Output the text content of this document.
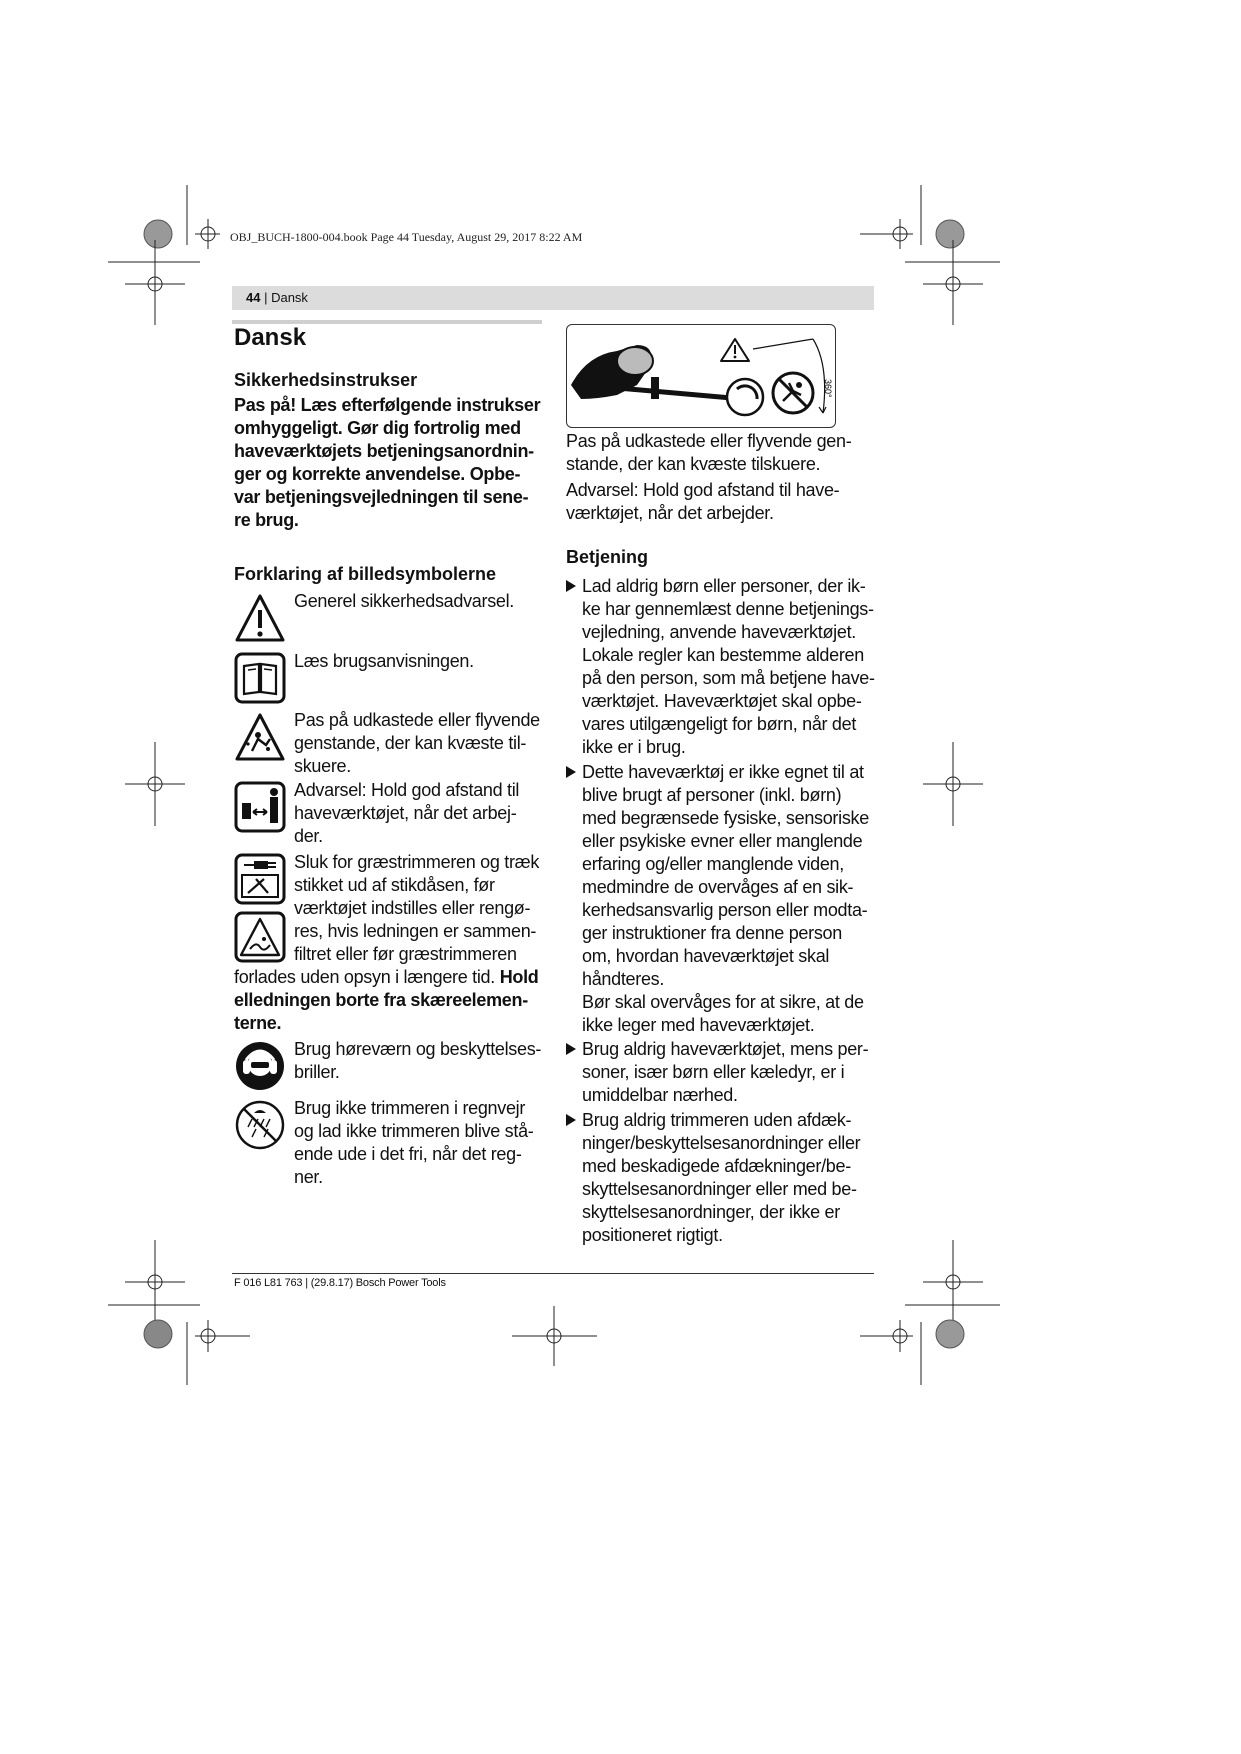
OBJ_BUCH-1800-004.book Page 44 Tuesday, August 29, 2017 8:22 AM
44 | Dansk
Dansk
Sikkerhedsinstrukser
Pas på! Læs efterfølgende instrukser
omhyggeligt. Gør dig fortrolig med
haveværktøjets betjeningsanordnin-
ger og korrekte anvendelse. Opbe-
var betjeningsvejledningen til sene-
re brug.
Forklaring af billedsymbolerne
Generel sikkerhedsadvarsel.
Læs brugsanvisningen.
Pas på udkastede eller flyvende
genstande, der kan kvæste til-
skuere.
Advarsel: Hold god afstand til
haveværktøjet, når det arbej-
der.
Sluk for græstrimmeren og træk
stikket ud af stikdåsen, før
værktøjet indstilles eller rengø-
res, hvis ledningen er sammen-
filtret eller før græstrimmeren
forlades uden opsyn i længere tid. Hold
elledningen borte fra skæreelemen-
terne.
Brug høreværn og beskyttelses-
briller.
Brug ikke trimmeren i regnvejr
og lad ikke trimmeren blive stå-
ende ude i det fri, når det reg-
ner.
360°
Pas på udkastede eller flyvende gen-
stande, der kan kvæste tilskuere.
Advarsel: Hold god afstand til have-
værktøjet, når det arbejder.
Betjening
Lad aldrig børn eller personer, der ik-
ke har gennemlæst denne betjenings-
vejledning, anvende haveværktøjet.
Lokale regler kan bestemme alderen
på den person, som må betjene have-
værktøjet. Haveværktøjet skal opbe-
vares utilgængeligt for børn, når det
ikke er i brug.
Dette haveværktøj er ikke egnet til at
blive brugt af personer (inkl. børn)
med begrænsede fysiske, sensoriske
eller psykiske evner eller manglende
erfaring og/eller manglende viden,
medmindre de overvåges af en sik-
kerhedsansvarlig person eller modta-
ger instruktioner fra denne person
om, hvordan haveværktøjet skal
håndteres.
Bør skal overvåges for at sikre, at de
ikke leger med haveværktøjet.
Brug aldrig haveværktøjet, mens per-
soner, især børn eller kæledyr, er i
umiddelbar nærhed.
Brug aldrig trimmeren uden afdæk-
ninger/beskyttelsesanordninger eller
med beskadigede afdækninger/be-
skyttelsesanordninger eller med be-
skyttelsesanordninger, der ikke er
positioneret rigtigt.
F 016 L81 763 | (29.8.17) Bosch Power Tools
